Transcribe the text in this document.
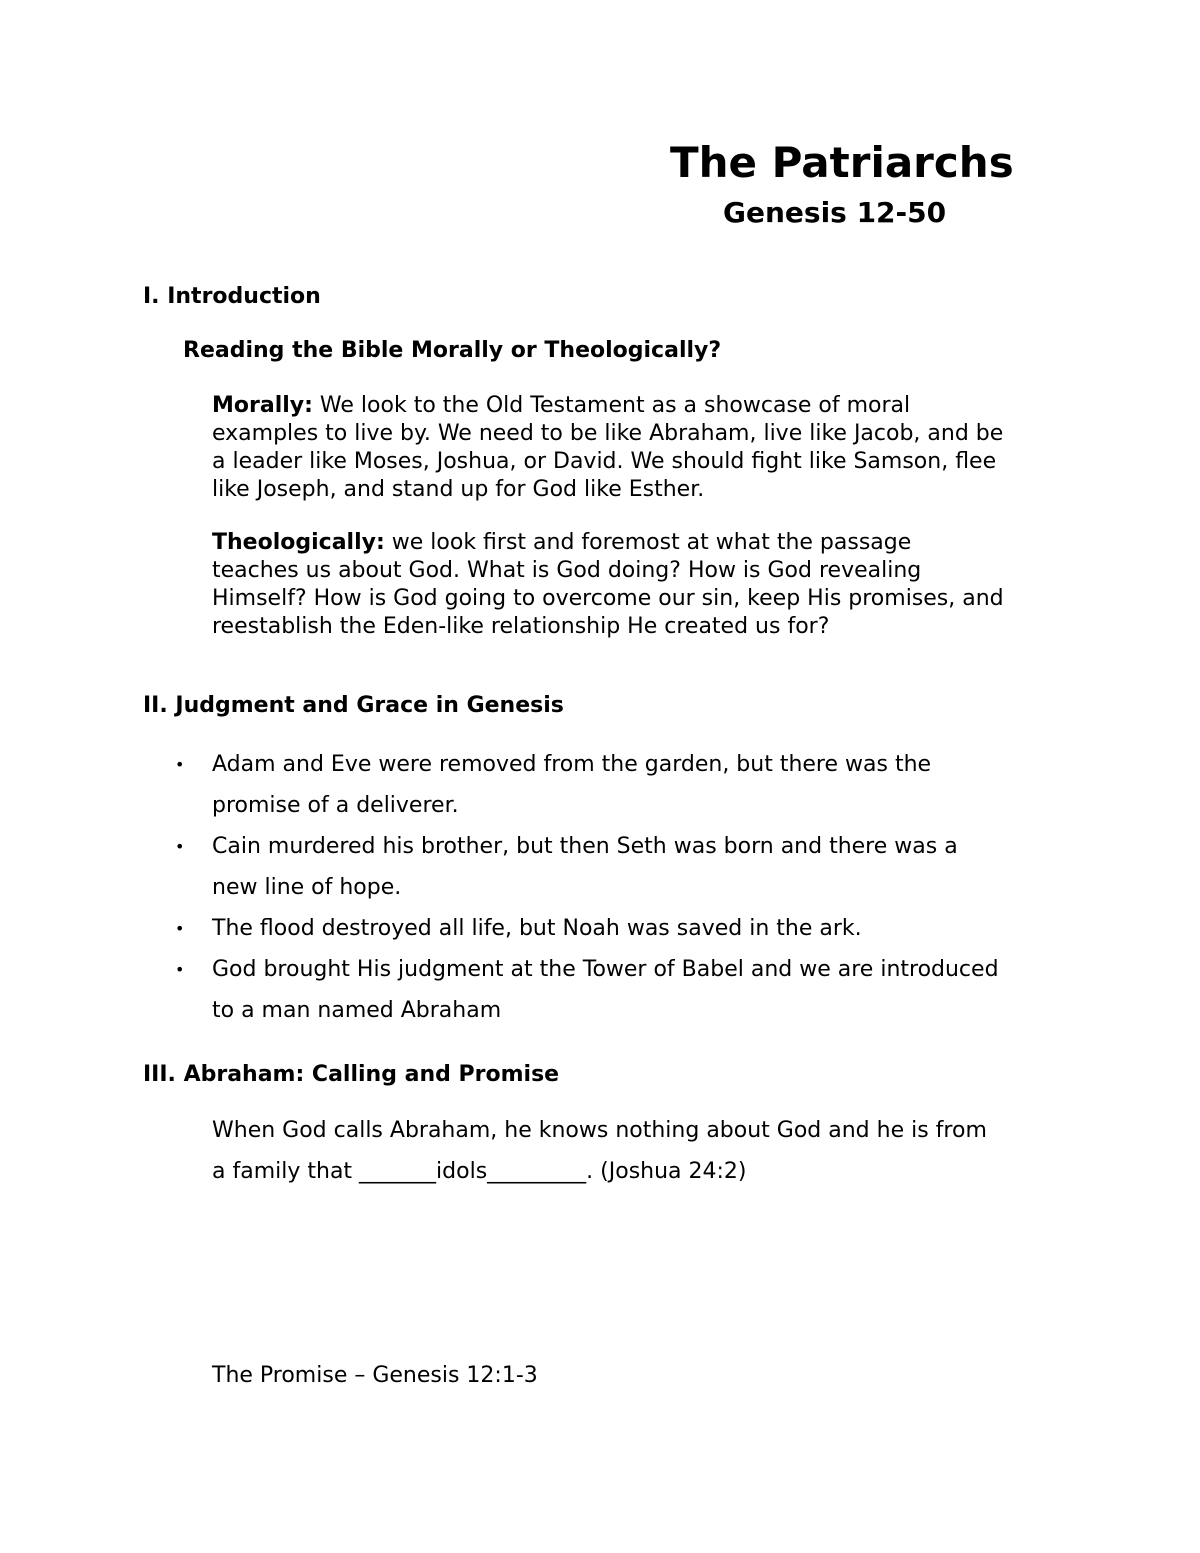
The Patriarchs
Genesis 12-50
I. Introduction
Reading the Bible Morally or Theologically?
Morally: We look to the Old Testament as a showcase of moral
examples to live by. We need to be like Abraham, live like Jacob, and be
a leader like Moses, Joshua, or David. We should fight like Samson, flee
like Joseph, and stand up for God like Esther.
Theologically: we look first and foremost at what the passage
teaches us about God. What is God doing? How is God revealing
Himself? How is God going to overcome our sin, keep His promises, and
reestablish the Eden-like relationship He created us for?
II. Judgment and Grace in Genesis
• Adam and Eve were removed from the garden, but there was the
promise of a deliverer.
• Cain murdered his brother, but then Seth was born and there was a
new line of hope.
• The flood destroyed all life, but Noah was saved in the ark.
• God brought His judgment at the Tower of Babel and we are introduced
to a man named Abraham
III. Abraham: Calling and Promise
When God calls Abraham, he knows nothing about God and he is from
a family that _______idols_________. (Joshua 24:2)
The Promise – Genesis 12:1-3
